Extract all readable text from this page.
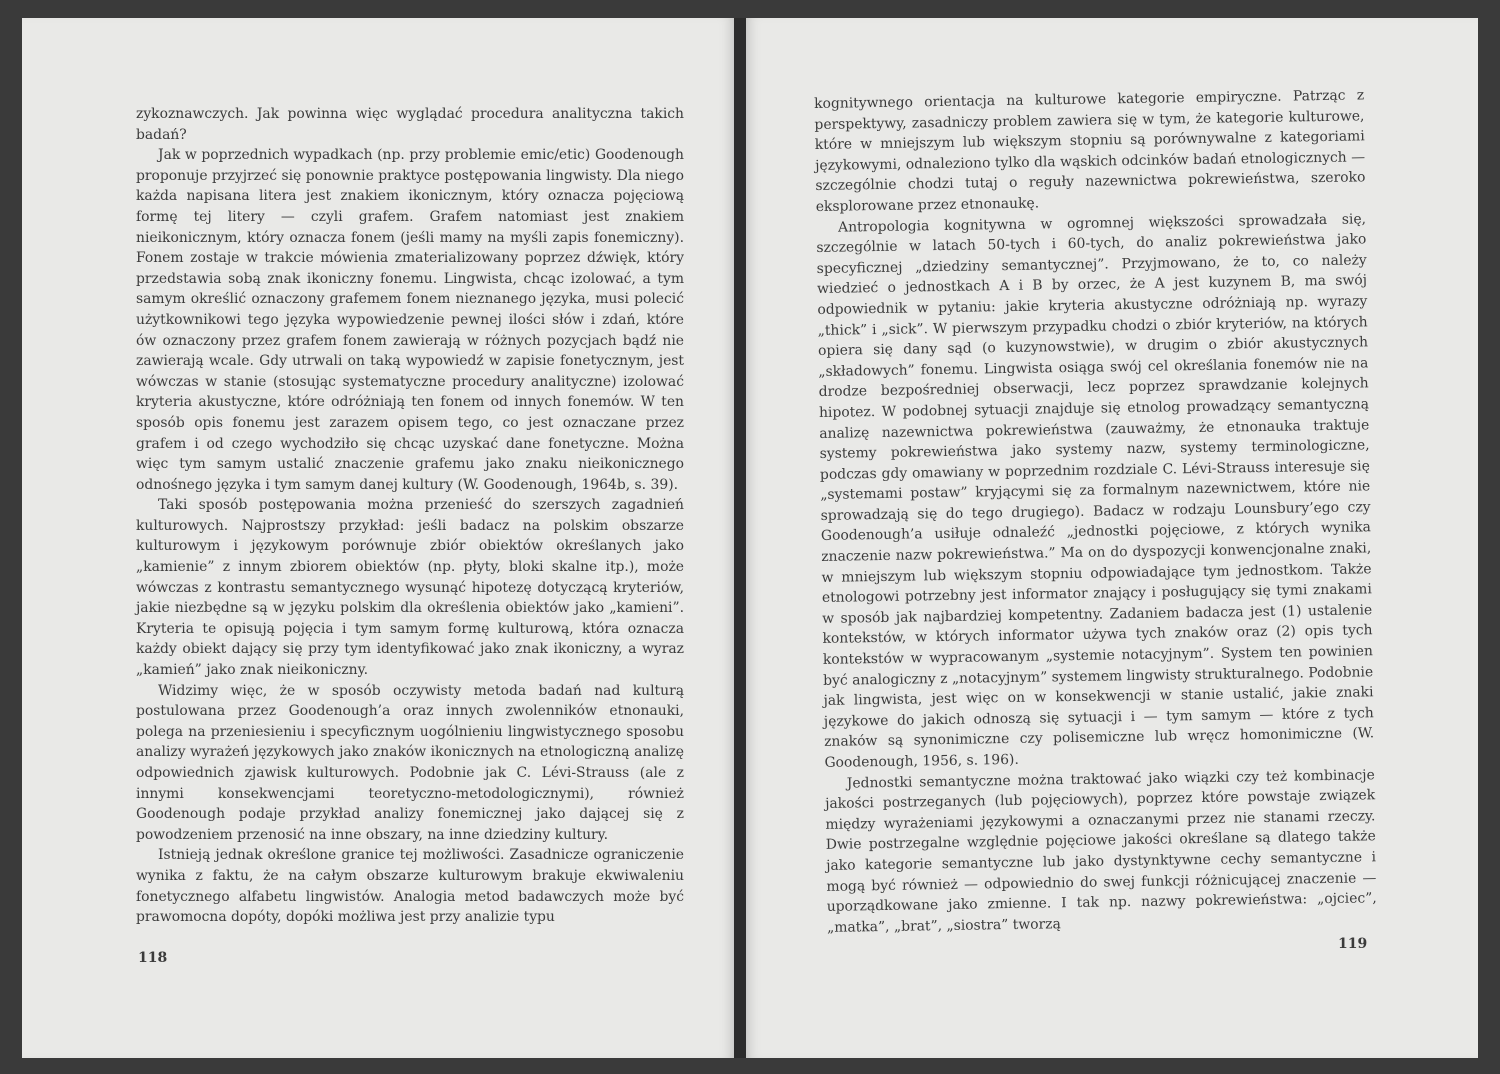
zykoznawczych. Jak powinna więc wyglądać procedura analityczna takich badań?

Jak w poprzednich wypadkach (np. przy problemie emic/etic) Goodenough proponuje przyjrzeć się ponownie praktyce postępowania lingwisty. Dla niego każda napisana litera jest znakiem ikonicznym, który oznacza pojęciową formę tej litery — czyli grafem. Grafem natomiast jest znakiem nieikonicznym, który oznacza fonem (jeśli mamy na myśli zapis fonemiczny). Fonem zostaje w trakcie mówienia zmaterializowany poprzez dźwięk, który przedstawia sobą znak ikoniczny fonemu. Lingwista, chcąc izolować, a tym samym określić oznaczony grafemem fonem nieznanego języka, musi polecić użytkownikowi tego języka wypowiedzenie pewnej ilości słów i zdań, które ów oznaczony przez grafem fonem zawierają w różnych pozycjach bądź nie zawierają wcale. Gdy utrwali on taką wypowiedź w zapisie fonetycznym, jest wówczas w stanie (stosując systematyczne procedury analityczne) izolować kryteria akustyczne, które odróżniają ten fonem od innych fonemów. W ten sposób opis fonemu jest zarazem opisem tego, co jest oznaczane przez grafem i od czego wychodziło się chcąc uzyskać dane fonetyczne. Można więc tym samym ustalić znaczenie grafemu jako znaku nieikonicznego odnośnego języka i tym samym danej kultury (W. Goodenough, 1964b, s. 39).

Taki sposób postępowania można przenieść do szerszych zagadnień kulturowych. Najprostszy przykład: jeśli badacz na polskim obszarze kulturowym i językowym porównuje zbiór obiektów określanych jako „kamienie” z innym zbiorem obiektów (np. płyty, bloki skalne itp.), może wówczas z kontrastu semantycznego wysunąć hipotezę dotyczącą kryteriów, jakie niezbędne są w języku polskim dla określenia obiektów jako „kamieni”. Kryteria te opisują pojęcia i tym samym formę kulturową, która oznacza każdy obiekt dający się przy tym identyfikować jako znak ikoniczny, a wyraz „kamień” jako znak nieikoniczny.

Widzimy więc, że w sposób oczywisty metoda badań nad kulturą postulowana przez Goodenough’a oraz innych zwolenników etnonauki, polega na przeniesieniu i specyficznym uogólnieniu lingwistycznego sposobu analizy wyrażeń językowych jako znaków ikonicznych na etnologiczną analizę odpowiednich zjawisk kulturowych. Podobnie jak C. Lévi-Strauss (ale z innymi konsekwencjami teoretyczno-metodologicznymi), również Goodenough podaje przykład analizy fonemicznej jako dającej się z powodzeniem przenosić na inne obszary, na inne dziedziny kultury.

Istnieją jednak określone granice tej możliwości. Zasadnicze ograniczenie wynika z faktu, że na całym obszarze kulturowym brakuje ekwiwaleniu fonetycznego alfabetu lingwistów. Analogia metod badawczych może być prawomocna dopóty, dopóki możliwa jest przy analizie typu

118

kognitywnego orientacja na kulturowe kategorie empiryczne. Patrząc z perspektywy, zasadniczy problem zawiera się w tym, że kategorie kulturowe, które w mniejszym lub większym stopniu są porównywalne z kategoriami językowymi, odnaleziono tylko dla wąskich odcinków badań etnologicznych — szczególnie chodzi tutaj o reguły nazewnictwa pokrewieństwa, szeroko eksplorowane przez etnonaukę.

Antropologia kognitywna w ogromnej większości sprowadzała się, szczególnie w latach 50-tych i 60-tych, do analiz pokrewieństwa jako specyficznej „dziedziny semantycznej”. Przyjmowano, że to, co należy wiedzieć o jednostkach A i B by orzec, że A jest kuzynem B, ma swój odpowiednik w pytaniu: jakie kryteria akustyczne odróżniają np. wyrazy „thick” i „sick”. W pierwszym przypadku chodzi o zbiór kryteriów, na których opiera się dany sąd (o kuzynowstwie), w drugim o zbiór akustycznych „składowych” fonemu. Lingwista osiąga swój cel określania fonemów nie na drodze bezpośredniej obserwacji, lecz poprzez sprawdzanie kolejnych hipotez. W podobnej sytuacji znajduje się etnolog prowadzący semantyczną analizę nazewnictwa pokrewieństwa (zauważmy, że etnonauka traktuje systemy pokrewieństwa jako systemy nazw, systemy terminologiczne, podczas gdy omawiany w poprzednim rozdziale C. Lévi-Strauss interesuje się „systemami postaw” kryjącymi się za formalnym nazewnictwem, które nie sprowadzają się do tego drugiego). Badacz w rodzaju Lounsbury’ego czy Goodenough’a usiłuje odnaleźć „jednostki pojęciowe, z których wynika znaczenie nazw pokrewieństwa.” Ma on do dyspozycji konwencjonalne znaki, w mniejszym lub większym stopniu odpowiadające tym jednostkom. Także etnologowi potrzebny jest informator znający i posługujący się tymi znakami w sposób jak najbardziej kompetentny. Zadaniem badacza jest (1) ustalenie kontekstów, w których informator używa tych znaków oraz (2) opis tych kontekstów w wypracowanym „systemie notacyjnym”. System ten powinien być analogiczny z „notacyjnym” systemem lingwisty strukturalnego. Podobnie jak lingwista, jest więc on w konsekwencji w stanie ustalić, jakie znaki językowe do jakich odnoszą się sytuacji i — tym samym — które z tych znaków są synonimiczne czy polisemiczne lub wręcz homonimiczne (W. Goodenough, 1956, s. 196).

Jednostki semantyczne można traktować jako wiązki czy też kombinacje jakości postrzeganych (lub pojęciowych), poprzez które powstaje związek między wyrażeniami językowymi a oznaczanymi przez nie stanami rzeczy. Dwie postrzegalne względnie pojęciowe jakości określane są dlatego także jako kategorie semantyczne lub jako dystynktywne cechy semantyczne i mogą być również — odpowiednio do swej funkcji różnicującej znaczenie — uporządkowane jako zmienne. I tak np. nazwy pokrewieństwa: „ojciec”, „matka”, „brat”, „siostra” tworzą

119
